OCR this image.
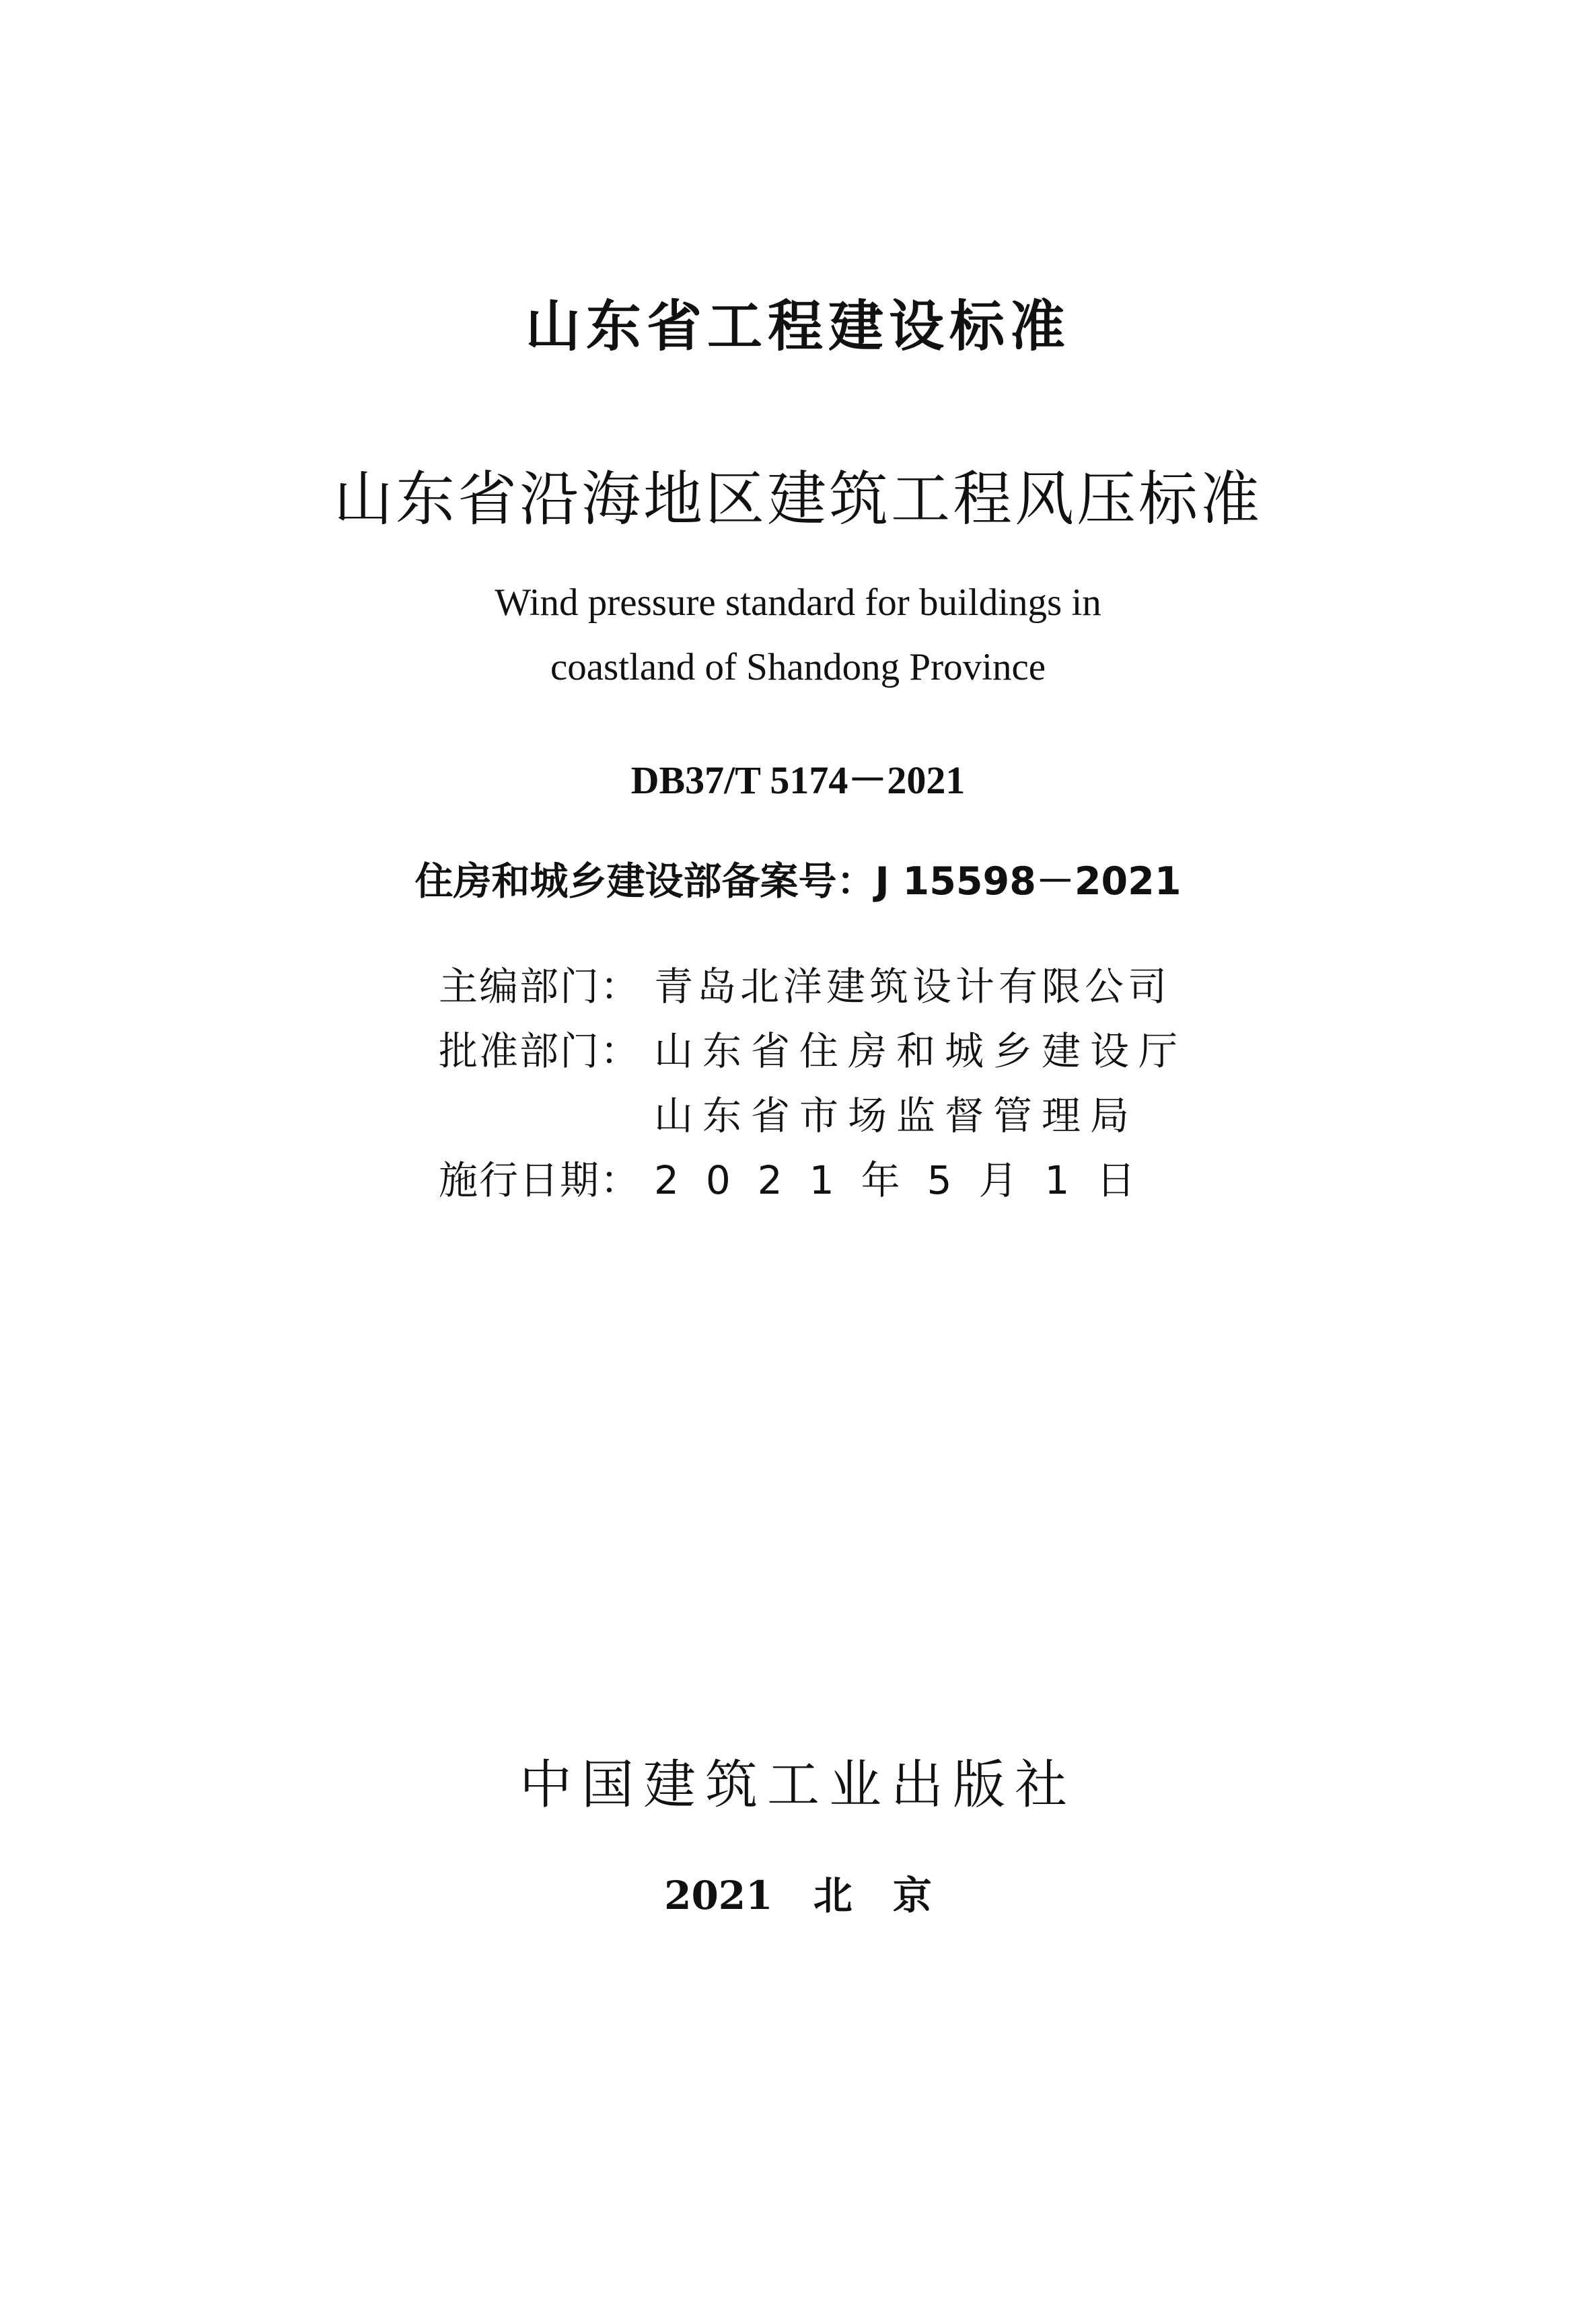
山东省工程建设标准
山东省沿海地区建筑工程风压标准
Wind pressure standard for buildings in
coastland of Shandong Province
DB37/T 5174－2021
住房和城乡建设部备案号：J 15598－2021
主编部门： 青岛北洋建筑设计有限公司
批准部门： 山东省住房和城乡建设厅
山东省市场监督管理局
施行日期： 2021年5月1日
中国建筑工业出版社
2021 北 京
